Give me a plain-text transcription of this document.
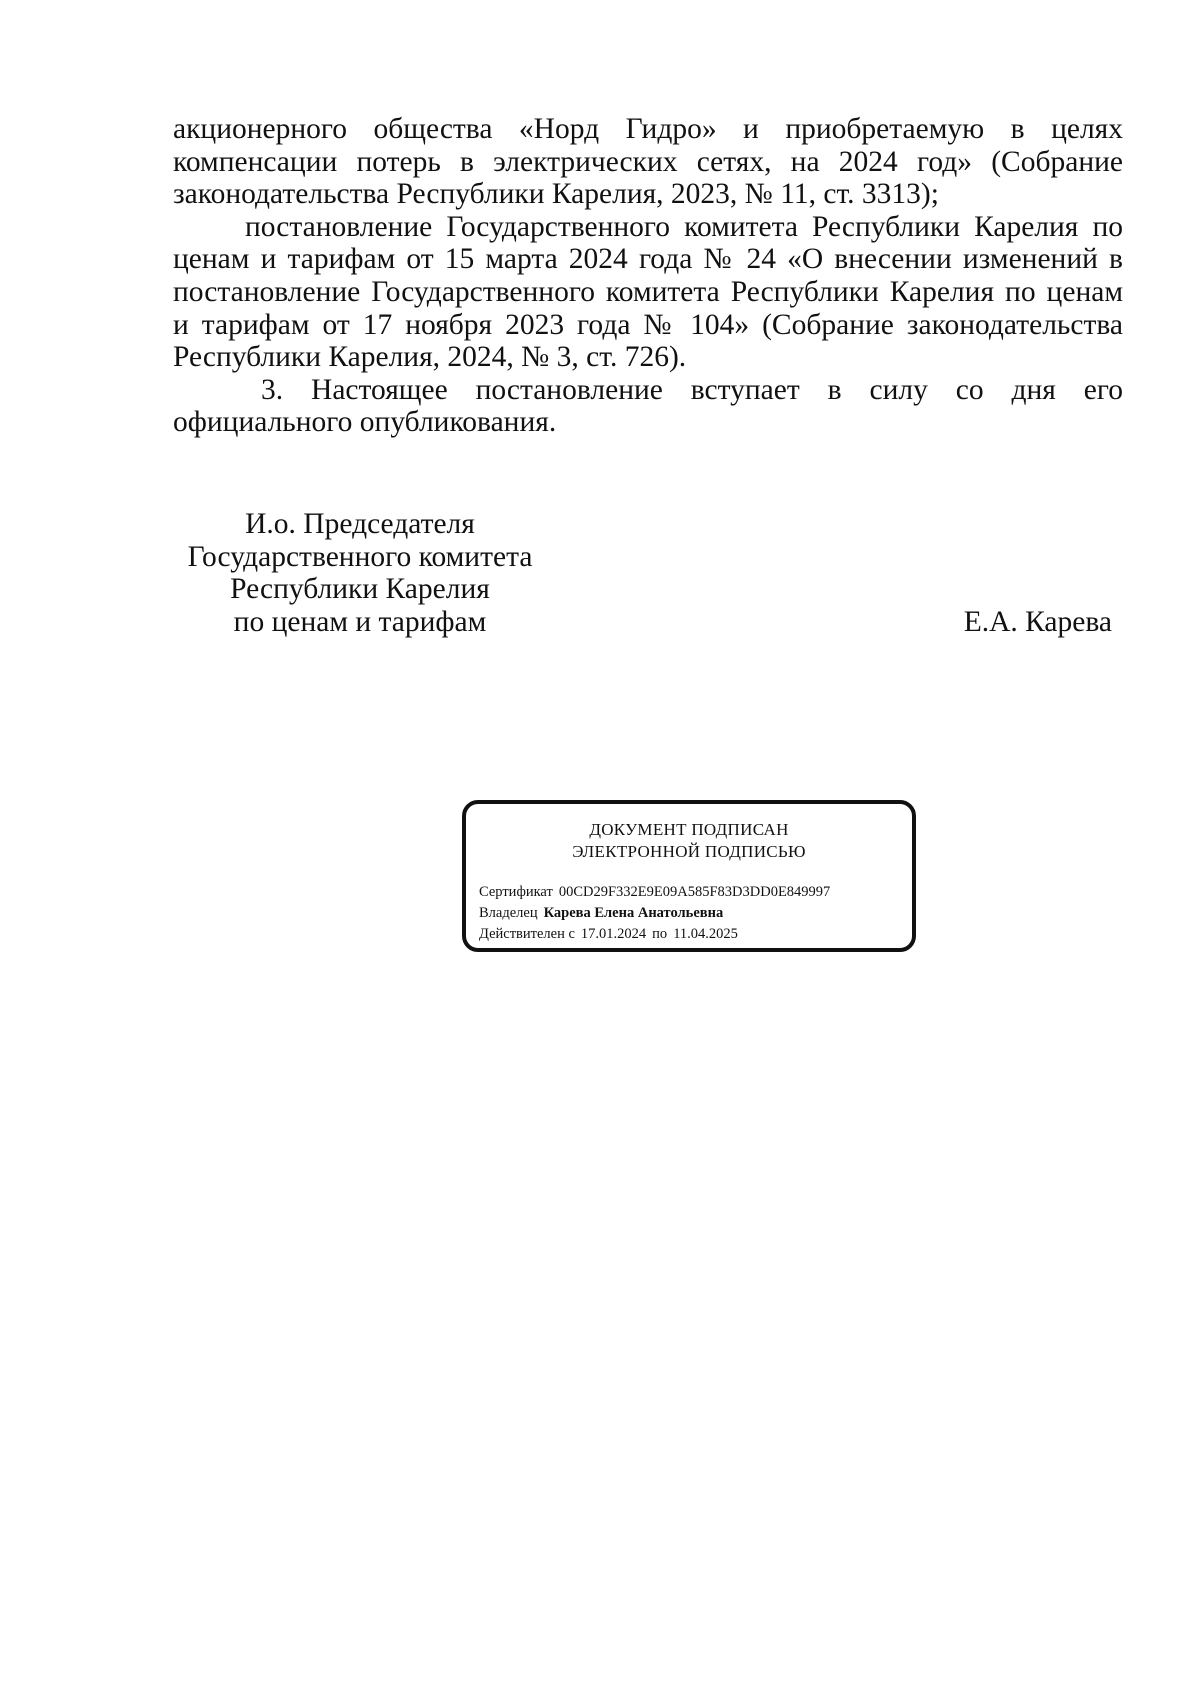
акционерного общества «Норд Гидро» и приобретаемую в целях компенсации потерь в электрических сетях, на 2024 год» (Собрание законодательства Республики Карелия, 2023, № 11, ст. 3313);

постановление Государственного комитета Республики Карелия по ценам и тарифам от 15 марта 2024 года № 24 «О внесении изменений в постановление Государственного комитета Республики Карелия по ценам и тарифам от 17 ноября 2023 года № 104» (Собрание законодательства Республики Карелия, 2024, № 3, ст. 726).

3. Настоящее постановление вступает в силу со дня его официального опубликования.

И.о. Председателя
Государственного комитета
Республики Карелия
по ценам и тарифам	Е.А. Карева
ДОКУМЕНТ ПОДПИСАН
ЭЛЕКТРОННОЙ ПОДПИСЬЮ
Сертификат 00CD29F332E9E09A585F83D3DD0E849997
Владелец Карева Елена Анатольевна
Действителен с 17.01.2024 по 11.04.2025
